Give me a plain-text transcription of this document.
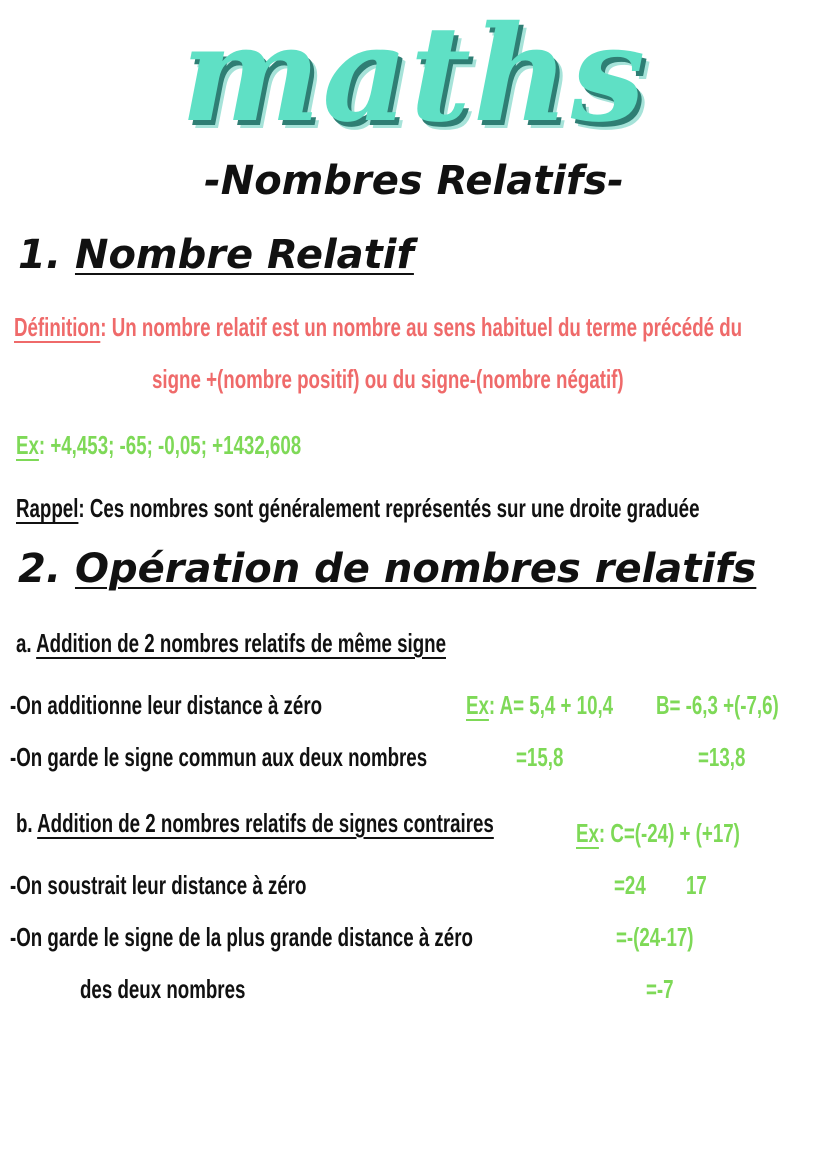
maths
-Nombres Relatifs-
1. Nombre Relatif
Définition: Un nombre relatif est un nombre au sens habituel du terme précédé du
signe +(nombre positif) ou du signe-(nombre négatif)
Ex: +4,453; -65; -0,05; +1432,608
Rappel: Ces nombres sont généralement représentés sur une droite graduée
2. Opération de nombres relatifs
a. Addition de 2 nombres relatifs de même signe
-On additionne leur distance à zéro
-On garde le signe commun aux deux nombres
Ex: A= 5,4 + 10,4	B= -6,3 +(-7,6)
=15,8	=13,8
b. Addition de 2 nombres relatifs de signes contraires
-On soustrait leur distance à zéro
-On garde le signe de la plus grande distance à zéro
des deux nombres
Ex: C=(-24) + (+17)
=24	17
=-(24-17)
=-7
